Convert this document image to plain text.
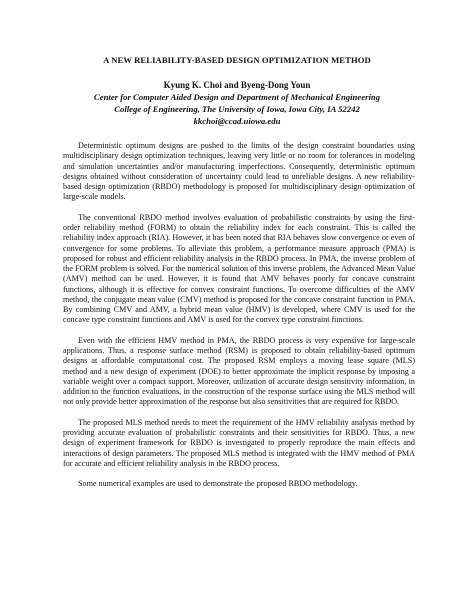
A NEW RELIABILITY-BASED DESIGN OPTIMIZATION METHOD
Kyung K. Choi and Byeng-Dong Youn
Center for Computer Aided Design and Department of Mechanical Engineering
College of Engineering, The University of Iowa, Iowa City, IA 52242
kkchoi@ccad.uiowa.edu

Deterministic optimum designs are pushed to the limits of the design constraint boundaries using multidisciplinary design optimization techniques, leaving very little or no room for tolerances in modeling and simulation uncertainties and/or manufacturing imperfections. Consequently, deterministic optimum designs obtained without consideration of uncertainty could lead to unreliable designs. A new reliability-based design optimization (RBDO) methodology is proposed for multidisciplinary design optimization of large-scale models.

The conventional RBDO method involves evaluation of probabilistic constraints by using the first-order reliability method (FORM) to obtain the reliability index for each constraint. This is called the reliability index approach (RIA). However, it has been noted that RIA behaves slow convergence or even of convergence for some problems. To alleviate this problem, a performance measure approach (PMA) is proposed for robust and efficient reliability analysis in the RBDO process. In PMA, the inverse problem of the FORM problem is solved. For the numerical solution of this inverse problem, the Advanced Mean Value (AMV) method can be used. However, it is found that AMV behaves poorly for concave constraint functions, although it is effective for convex constraint functions. To overcome difficulties of the AMV method, the conjugate mean value (CMV) method is proposed for the concave constraint function in PMA. By combining CMV and AMV, a hybrid mean value (HMV) is developed, where CMV is used for the concave type constraint functions and AMV is used for the convex type constraint functions.

Even with the efficient HMV method in PMA, the RBDO process is very expensive for large-scale applications. Thus, a response surface method (RSM) is proposed to obtain reliability-based optimum designs at affordable computational cost. The proposed RSM employs a moving lease square (MLS) method and a new design of experiment (DOE) to better approximate the implicit response by imposing a variable weight over a compact support. Moreover, utilization of accurate design sensitivity information, in addition to the function evaluations, in the construction of the response surface using the MLS method will not only provide better approximation of the response but also sensitivities that are required for RBDO.

The proposed MLS method needs to meet the requirement of the HMV reliability analysis method by providing accurate evaluation of probabilistic constraints and their sensitivities for RBDO. Thus, a new design of experiment framework for RBDO is investigated to properly reproduce the main effects and interactions of design parameters. The proposed MLS method is integrated with the HMV method of PMA for accurate and efficient reliability analysis in the RBDO process.

Some numerical examples are used to demonstrate the proposed RBDO methodology.
